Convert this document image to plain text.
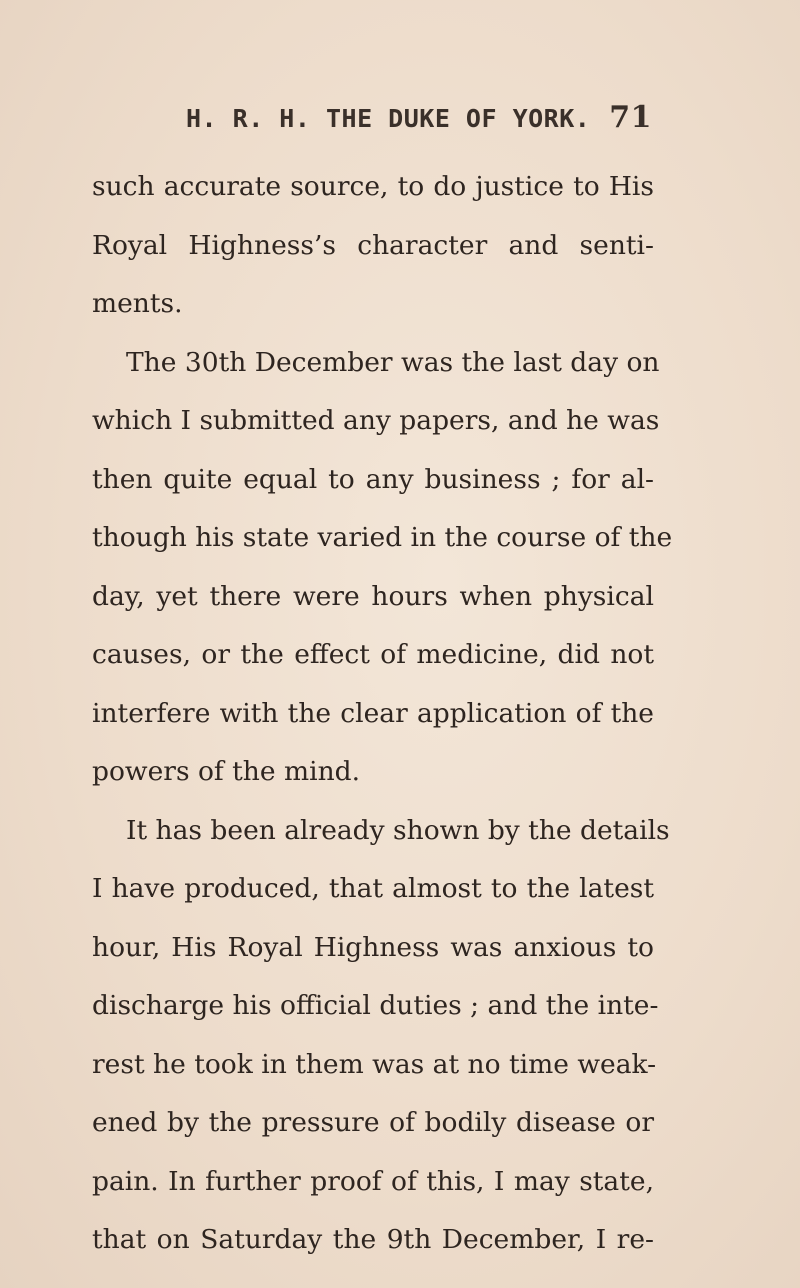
H. R. H. THE DUKE OF YORK. 71
such accurate source, to do justice to His
Royal Highness’s character and senti-
ments.
The 30th December was the last day on
which I submitted any papers, and he was
then quite equal to any business ; for al-
though his state varied in the course of the
day, yet there were hours when physical
causes, or the effect of medicine, did not
interfere with the clear application of the
powers of the mind.
It has been already shown by the details
I have produced, that almost to the latest
hour, His Royal Highness was anxious to
discharge his official duties ; and the inte-
rest he took in them was at no time weak-
ened by the pressure of bodily disease or
pain. In further proof of this, I may state,
that on Saturday the 9th December, I re-
